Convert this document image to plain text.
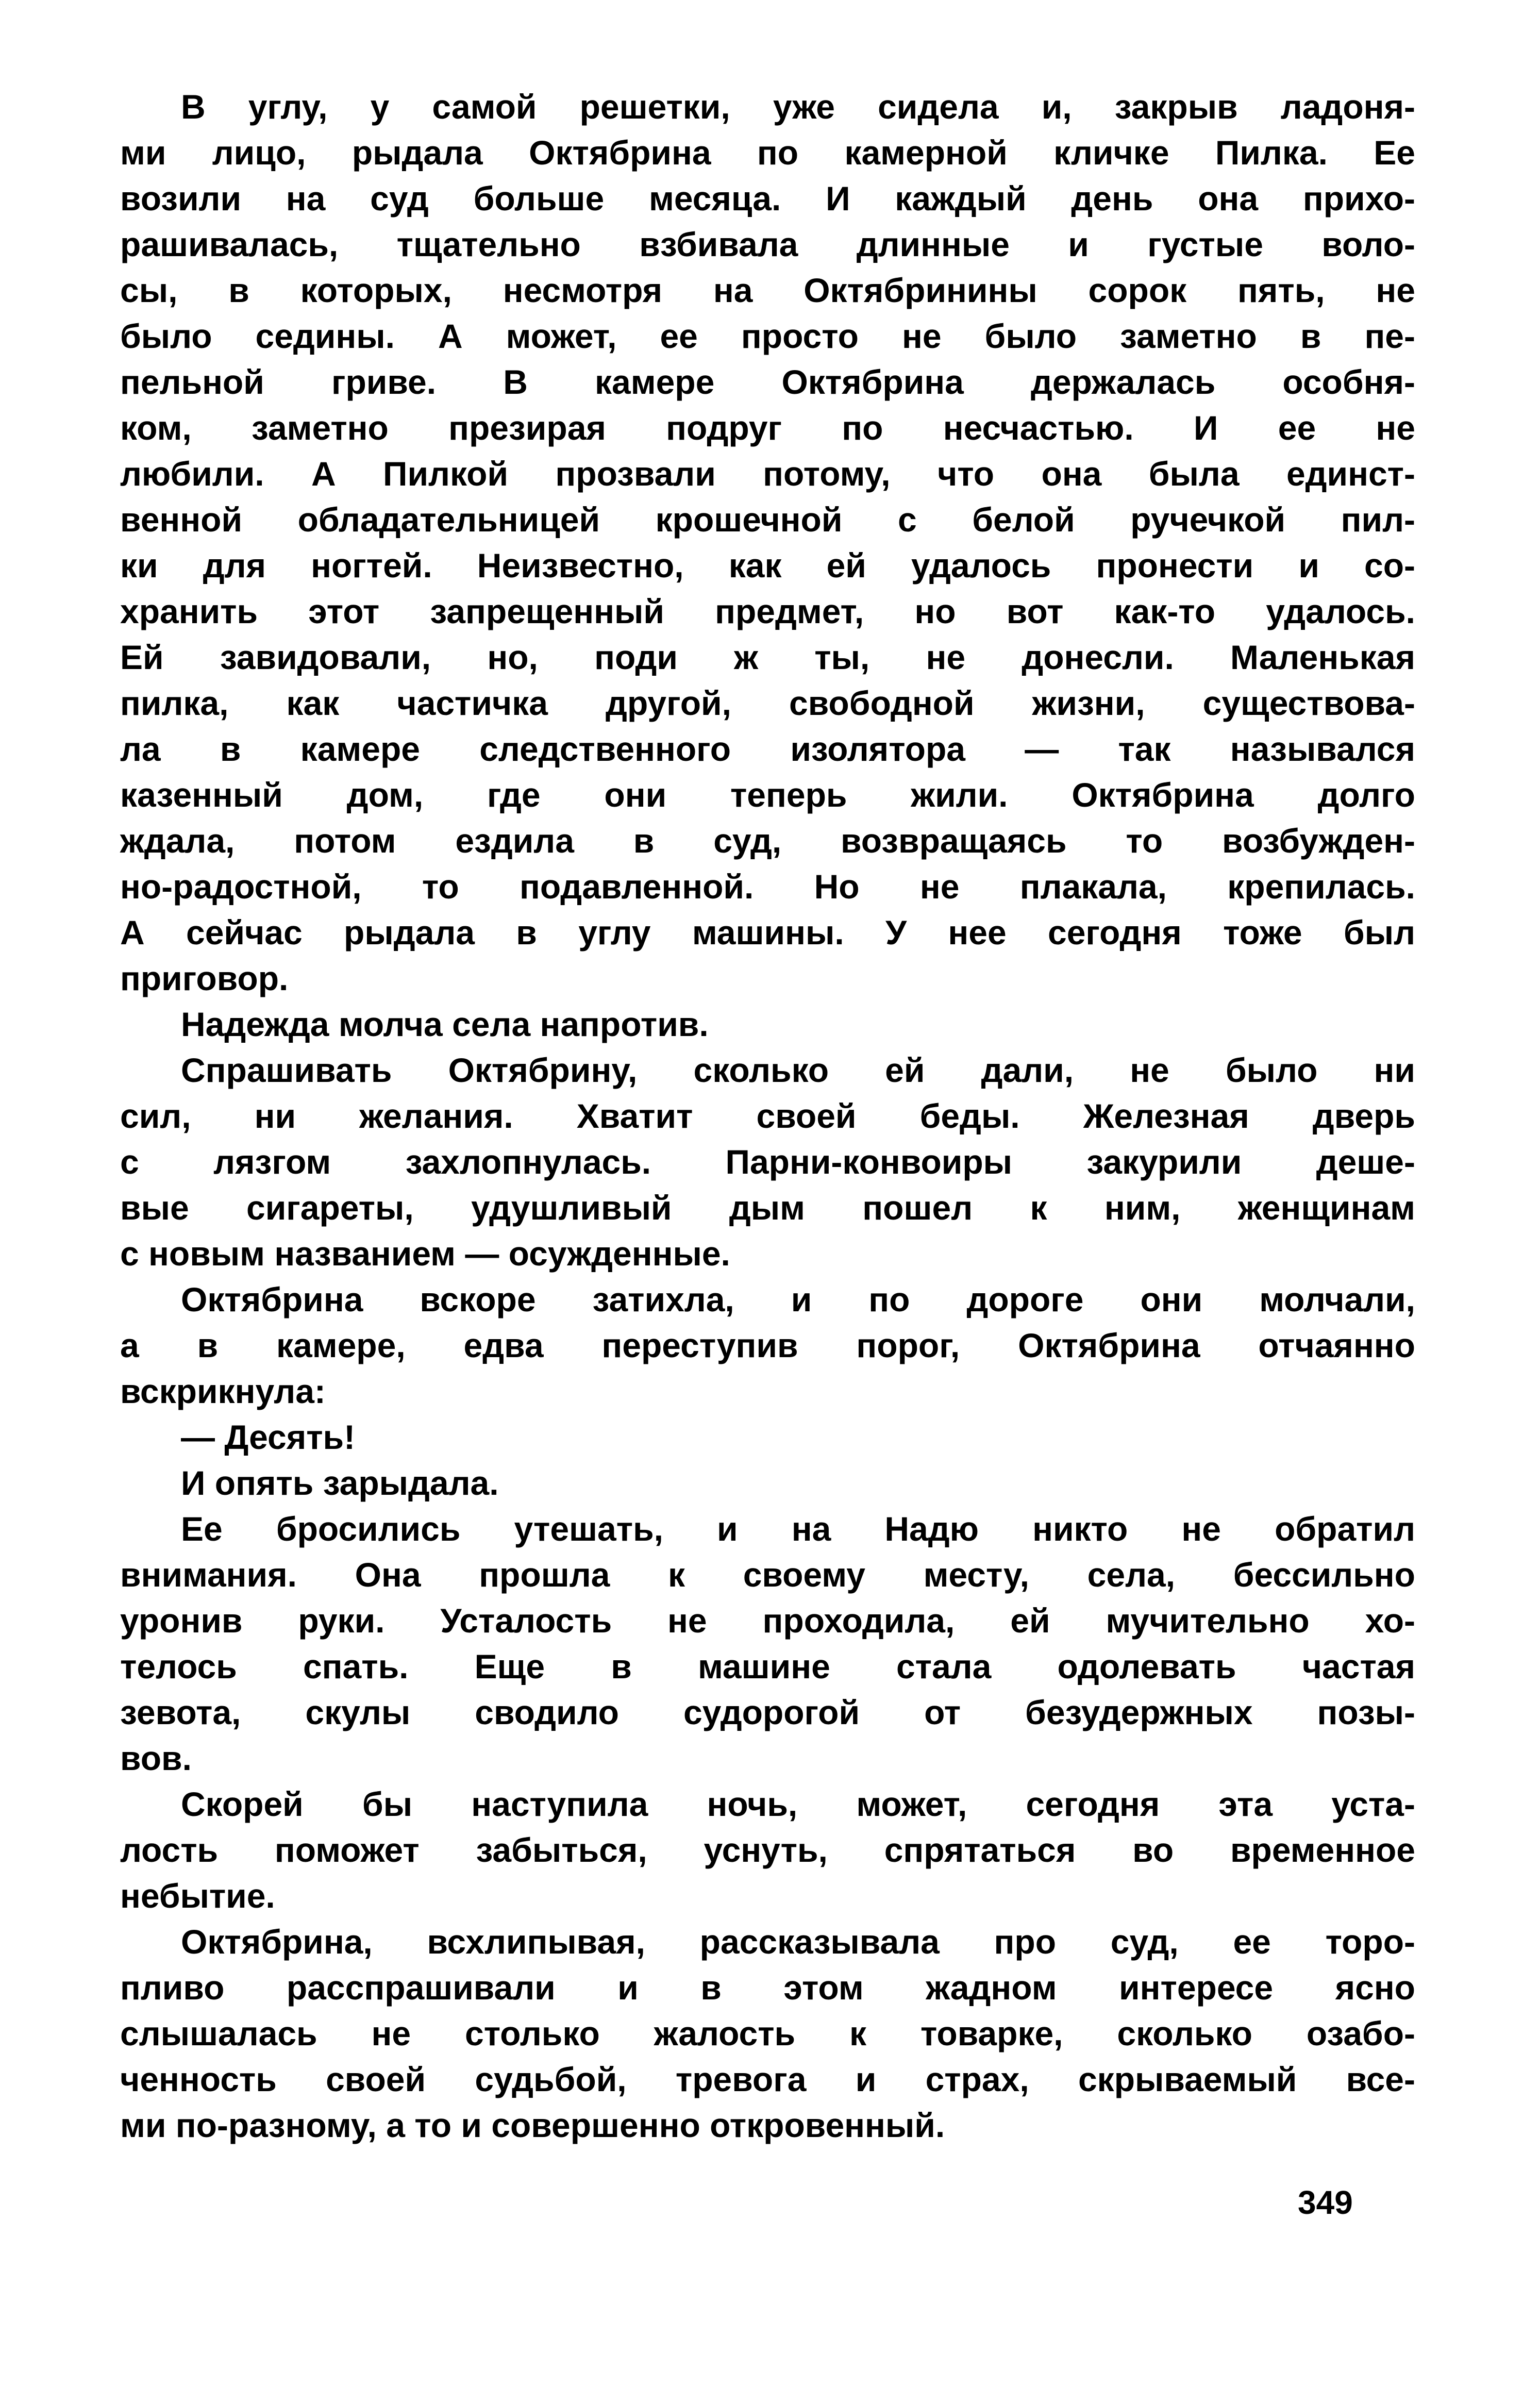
В углу, у самой решетки, уже сидела и, закрыв ладоня-
ми лицо, рыдала Октябрина по камерной кличке Пилка. Ее
возили на суд больше месяца. И каждый день она прихо-
рашивалась, тщательно взбивала длинные и густые воло-
сы, в которых, несмотря на Октябринины сорок пять, не
было седины. А может, ее просто не было заметно в пе-
пельной гриве. В камере Октябрина держалась особня-
ком, заметно презирая подруг по несчастью. И ее не
любили. А Пилкой прозвали потому, что она была единст-
венной обладательницей крошечной с белой ручечкой пил-
ки для ногтей. Неизвестно, как ей удалось пронести и со-
хранить этот запрещенный предмет, но вот как-то удалось.
Ей завидовали, но, поди ж ты, не донесли. Маленькая
пилка, как частичка другой, свободной жизни, существова-
ла в камере следственного изолятора — так назывался
казенный дом, где они теперь жили. Октябрина долго
ждала, потом ездила в суд, возвращаясь то возбужден-
но-радостной, то подавленной. Но не плакала, крепилась.
А сейчас рыдала в углу машины. У нее сегодня тоже был
приговор.
Надежда молча села напротив.
Спрашивать Октябрину, сколько ей дали, не было ни
сил, ни желания. Хватит своей беды. Железная дверь
с лязгом захлопнулась. Парни-конвоиры закурили деше-
вые сигареты, удушливый дым пошел к ним, женщинам
с новым названием — осужденные.
Октябрина вскоре затихла, и по дороге они молчали,
а в камере, едва переступив порог, Октябрина отчаянно
вскрикнула:
— Десять!
И опять зарыдала.
Ее бросились утешать, и на Надю никто не обратил
внимания. Она прошла к своему месту, села, бессильно
уронив руки. Усталость не проходила, ей мучительно хо-
телось спать. Еще в машине стала одолевать частая
зевота, скулы сводило судорогой от безудержных позы-
вов.
Скорей бы наступила ночь, может, сегодня эта уста-
лость поможет забыться, уснуть, спрятаться во временное
небытие.
Октябрина, всхлипывая, рассказывала про суд, ее торо-
пливо расспрашивали и в этом жадном интересе ясно
слышалась не столько жалость к товарке, сколько озабо-
ченность своей судьбой, тревога и страх, скрываемый все-
ми по-разному, а то и совершенно откровенный.
349
